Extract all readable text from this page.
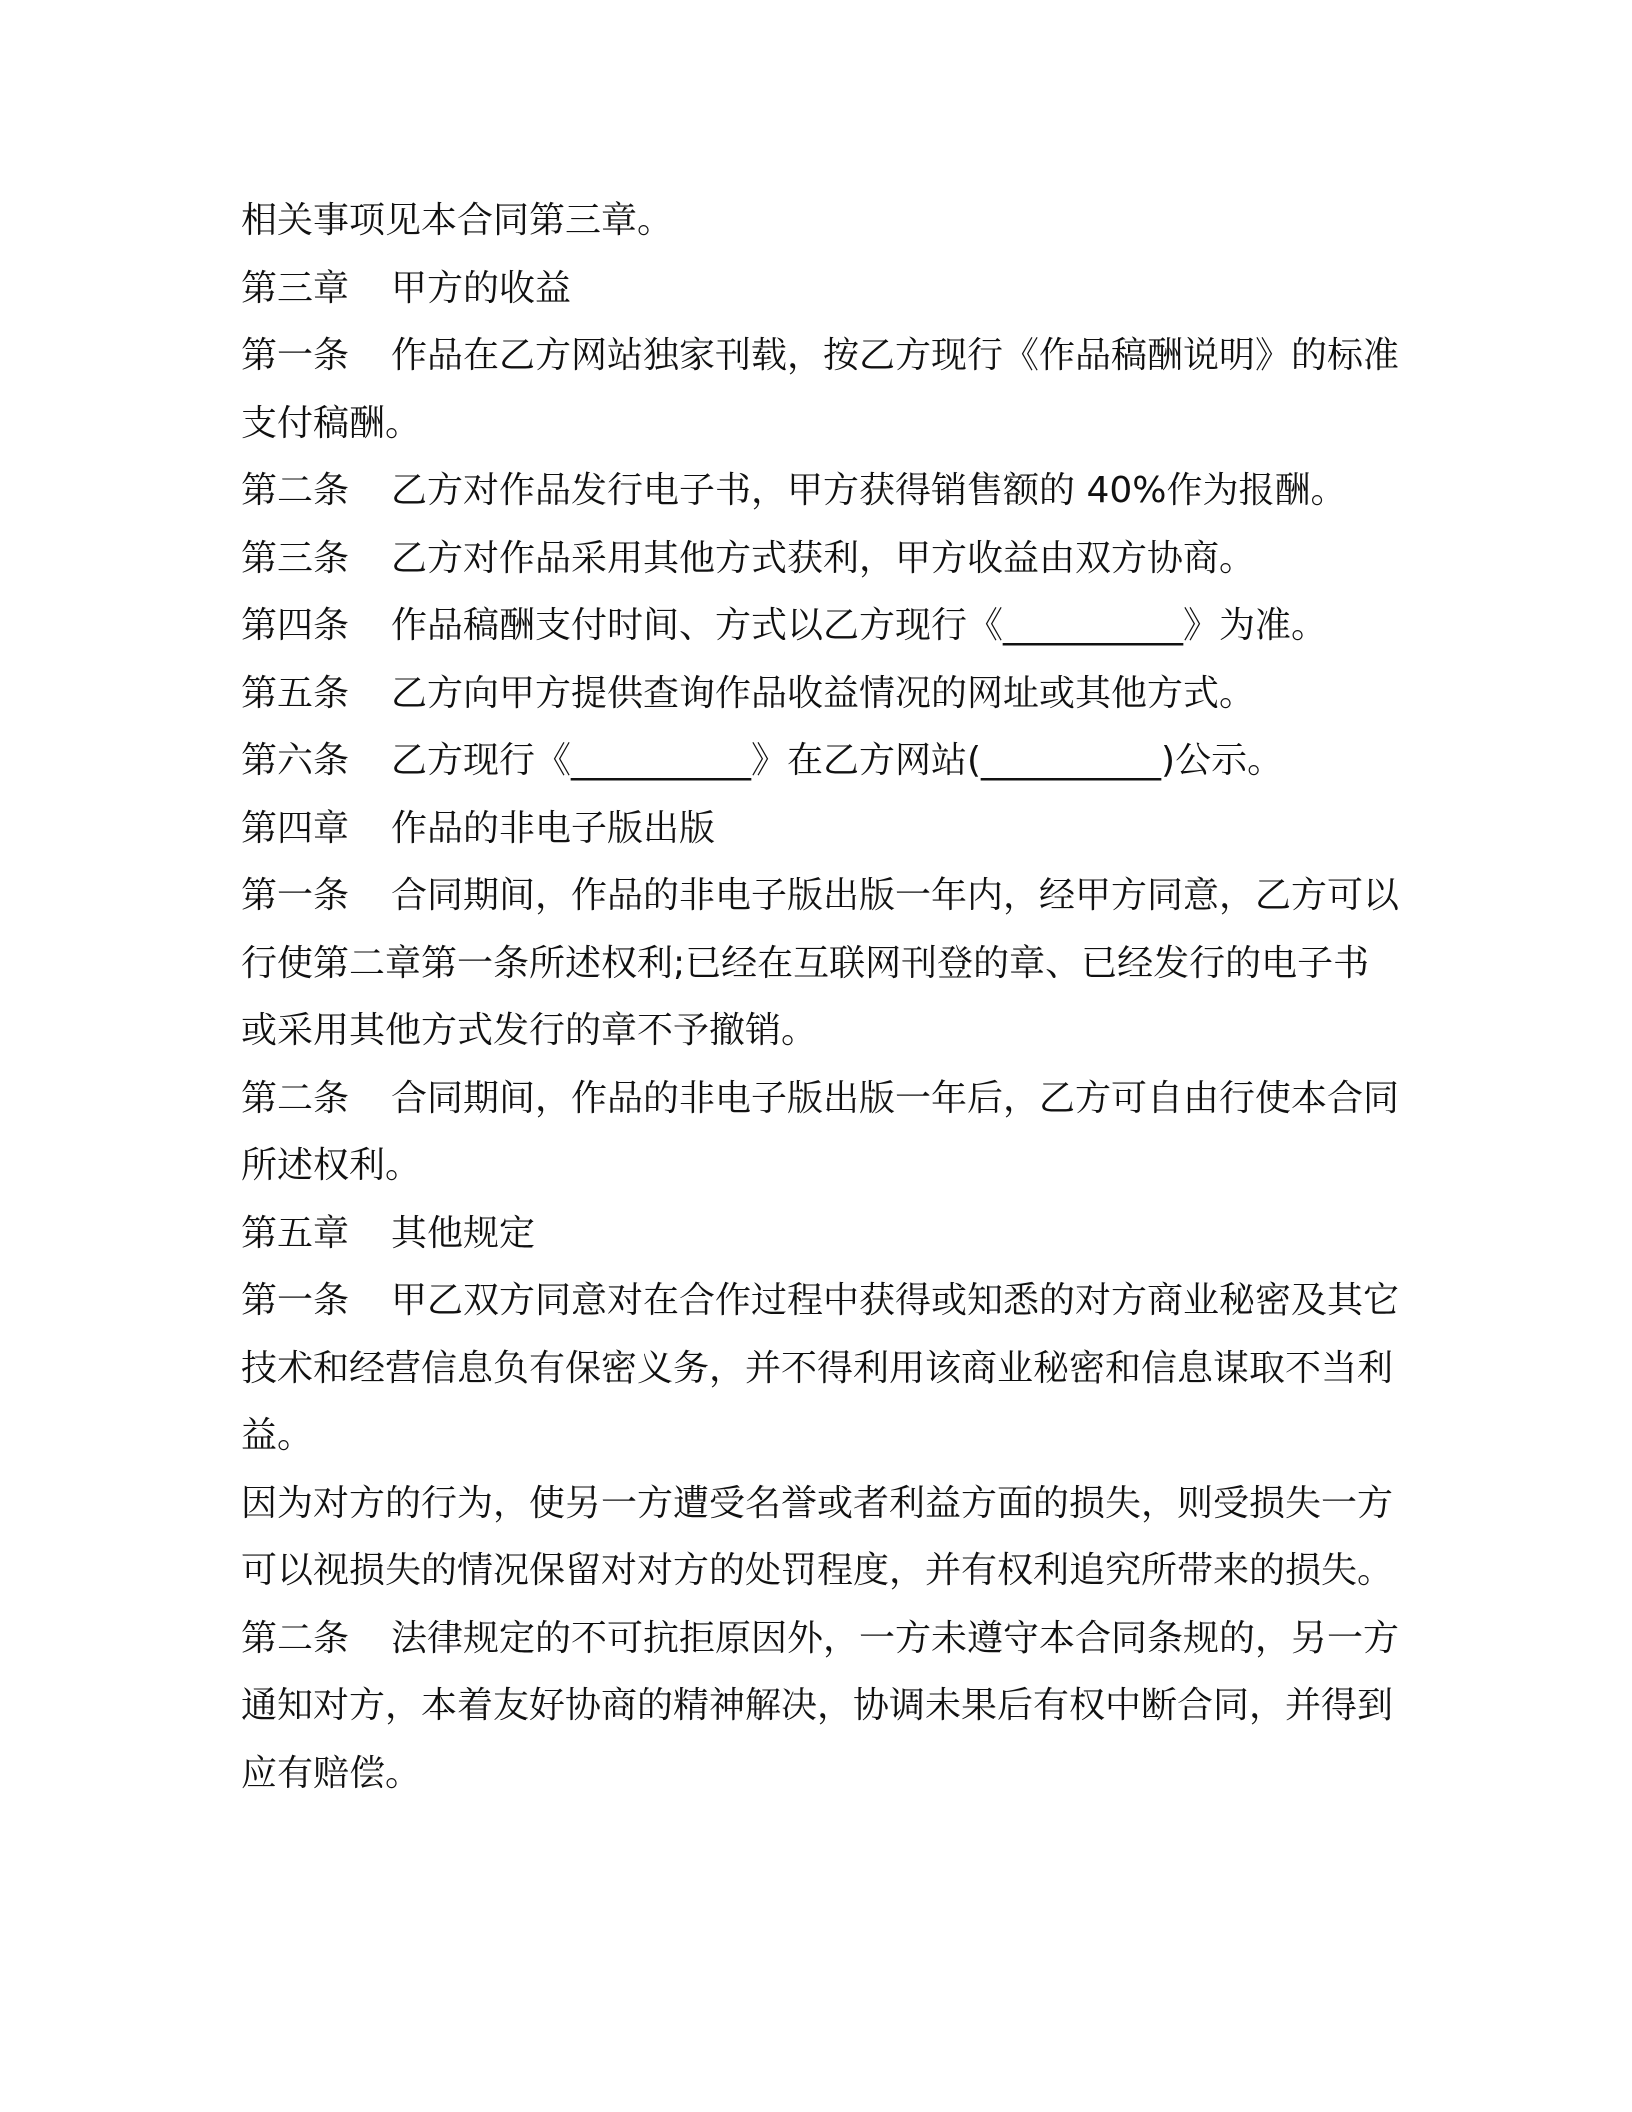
相关事项见本合同第三章。

第三章 甲方的收益

第一条 作品在乙方网站独家刊载，按乙方现行《作品稿酬说明》的标准支付稿酬。

第二条 乙方对作品发行电子书，甲方获得销售额的 40%作为报酬。

第三条 乙方对作品采用其他方式获利，甲方收益由双方协商。

第四条 作品稿酬支付时间、方式以乙方现行《__________》为准。

第五条 乙方向甲方提供查询作品收益情况的网址或其他方式。

第六条 乙方现行《__________》在乙方网站(__________)公示。

第四章 作品的非电子版出版

第一条 合同期间，作品的非电子版出版一年内，经甲方同意，乙方可以行使第二章第一条所述权利;已经在互联网刊登的章、已经发行的电子书或采用其他方式发行的章不予撤销。

第二条 合同期间，作品的非电子版出版一年后，乙方可自由行使本合同所述权利。

第五章 其他规定

第一条 甲乙双方同意对在合作过程中获得或知悉的对方商业秘密及其它技术和经营信息负有保密义务，并不得利用该商业秘密和信息谋取不当利益。

因为对方的行为，使另一方遭受名誉或者利益方面的损失，则受损失一方可以视损失的情况保留对对方的处罚程度，并有权利追究所带来的损失。

第二条 法律规定的不可抗拒原因外，一方未遵守本合同条规的，另一方通知对方，本着友好协商的精神解决，协调未果后有权中断合同，并得到应有赔偿。
